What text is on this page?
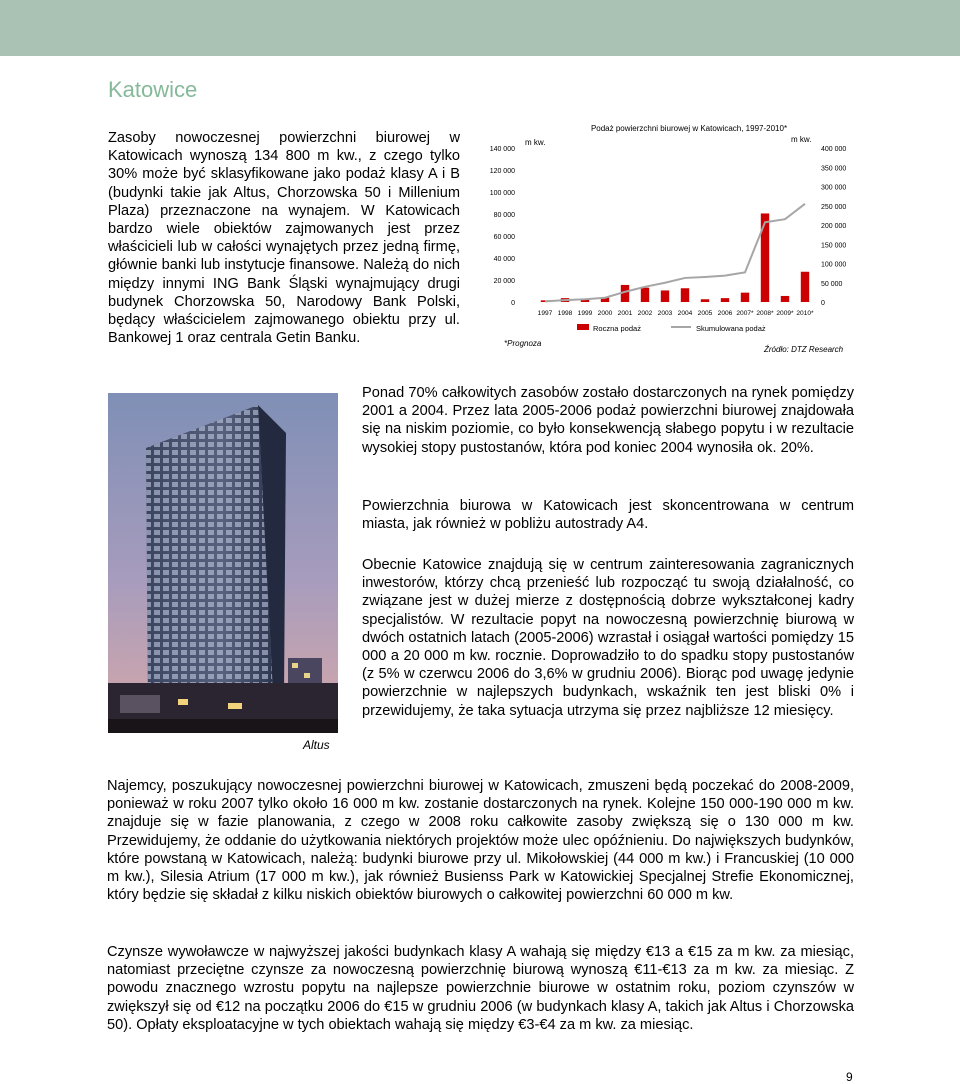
Katowice

Zasoby nowoczesnej powierzchni biurowej w Katowicach wynoszą 134 800 m kw., z czego tylko 30% może być sklasyfikowane jako podaż klasy A i B (budynki takie jak Altus, Chorzowska 50 i Millenium Plaza) przeznaczone na wynajem. W Katowicach bardzo wiele obiektów zajmowanych jest przez właścicieli lub w całości wynajętych przez jedną firmę, głównie banki lub instytucje finansowe. Należą do nich między innymi ING Bank Śląski wynajmujący drugi budynek Chorzowska 50, Narodowy Bank Polski, będący właścicielem zajmowanego obiektu przy ul. Bankowej 1 oraz centrala Getin Banku.

Podaż powierzchni biurowej w Katowicach, 1997-2010*
m kw.	m kw.
0
20 000
40 000
60 000
80 000
100 000
120 000
140 000
0
50 000
100 000
150 000
200 000
250 000
300 000
350 000
400 000
1997 1998 1999 2000 2001 2002 2003 2004 2005 2006 2007* 2008* 2009* 2010*
Roczna podaż	Skumulowana podaż
*Prognoza
Źródło: DTZ Research
Altus

Ponad 70% całkowitych zasobów zostało dostarczonych na rynek pomiędzy 2001 a 2004. Przez lata 2005-2006 podaż powierzchni biurowej znajdowała się na niskim poziomie, co było konsekwencją słabego popytu i w rezultacie wysokiej stopy pustostanów, która pod koniec 2004 wynosiła ok. 20%.

Powierzchnia biurowa w Katowicach jest skoncentrowana w centrum miasta, jak również w pobliżu autostrady A4.

Obecnie Katowice znajdują się w centrum zainteresowania zagranicznych inwestorów, którzy chcą przenieść lub rozpocząć tu swoją działalność, co związane jest w dużej mierze z dostępnością dobrze wykształconej kadry specjalistów. W rezultacie popyt na nowoczesną powierzchnię biurową w dwóch ostatnich latach (2005-2006) wzrastał i osiągał wartości pomiędzy 15 000 a 20 000 m kw. rocznie. Doprowadziło to do spadku stopy pustostanów (z 5% w czerwcu 2006 do 3,6% w grudniu 2006). Biorąc pod uwagę jedynie powierzchnie w najlepszych budynkach, wskaźnik ten jest bliski 0% i przewidujemy, że taka sytuacja utrzyma się przez najbliższe 12 miesięcy.

Najemcy, poszukujący nowoczesnej powierzchni biurowej w Katowicach, zmuszeni będą poczekać do 2008-2009, ponieważ w roku 2007 tylko około 16 000 m kw. zostanie dostarczonych na rynek. Kolejne 150 000-190 000 m kw. znajduje się w fazie planowania, z czego w 2008 roku całkowite zasoby zwiększą się o 130 000 m kw. Przewidujemy, że oddanie do użytkowania niektórych projektów może ulec opóźnieniu. Do największych budynków, które powstaną w Katowicach, należą: budynki biurowe przy ul. Mikołowskiej (44 000 m kw.) i Francuskiej (10 000 m kw.), Silesia Atrium (17 000 m kw.), jak również Busienss Park w Katowickiej Specjalnej Strefie Ekonomicznej, który będzie się składał z kilku niskich obiektów biurowych o całkowitej powierzchni 60 000 m kw.

Czynsze wywoławcze w najwyższej jakości budynkach klasy A wahają się między €13 a €15 za m kw. za miesiąc, natomiast przeciętne czynsze za nowoczesną powierzchnię biurową wynoszą €11-€13 za m kw. za miesiąc. Z powodu znacznego wzrostu popytu na najlepsze powierzchnie biurowe w ostatnim roku, poziom czynszów w zwiększył się od €12 na początku 2006 do €15 w grudniu 2006 (w budynkach klasy A, takich jak Altus i Chorzowska 50). Opłaty eksploatacyjne w tych obiektach wahają się między €3-€4 za m kw. za miesiąc.

9
